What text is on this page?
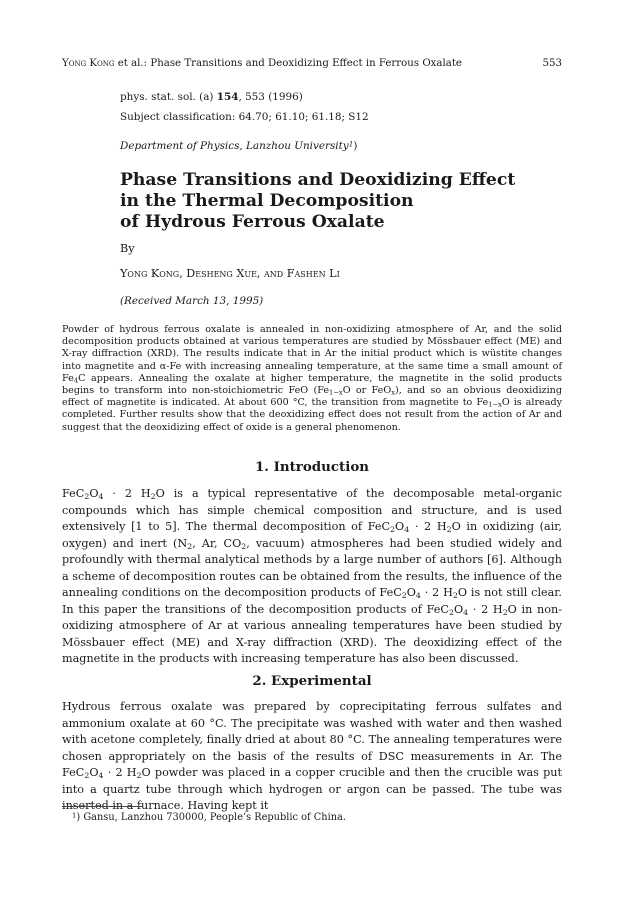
Yong Kong et al.: Phase Transitions and Deoxidizing Effect in Ferrous Oxalate	553
phys. stat. sol. (a) 154, 553 (1996)
Subject classification: 64.70; 61.10; 61.18; S12
Department of Physics, Lanzhou University$^1$)
Phase Transitions and Deoxidizing Effect
in the Thermal Decomposition
of Hydrous Ferrous Oxalate
By
Yong Kong, Desheng Xue, and Fashen Li
(Received March 13, 1995)
Powder of hydrous ferrous oxalate is annealed in non-oxidizing atmosphere of Ar, and the solid decomposition products obtained at various temperatures are studied by Mössbauer effect (ME) and X-ray diffraction (XRD). The results indicate that in Ar the initial product which is wüstite changes into magnetite and α-Fe with increasing annealing temperature, at the same time a small amount of $Fe_4C$ appears. Annealing the oxalate at higher temperature, the magnetite in the solid products begins to transform into non-stoichiometric FeO ($Fe_{1-x}O$ or FeO$_x$), and so an obvious deoxidizing effect of magnetite is indicated. At about 600 °C, the transition from magnetite to $Fe_{1-x}O$ is already completed. Further results show that the deoxidizing effect does not result from the action of Ar and suggest that the deoxidizing effect of oxide is a general phenomenon.
1. Introduction
$FeC_2O_4 \cdot 2$ $H_2O$ is a typical representative of the decomposable metal-organic compounds which has simple chemical composition and structure, and is used extensively [1 to 5]. The thermal decomposition of $FeC_2O_4 \cdot 2$ $H_2O$ in oxidizing (air, oxygen) and inert ($N_2$, Ar, $CO_2$, vacuum) atmospheres had been studied widely and profoundly with thermal analytical methods by a large number of authors [6]. Although a scheme of decomposition routes can be obtained from the results, the influence of the annealing conditions on the decomposition products of $FeC_2O_4 \cdot 2$ $H_2O$ is not still clear. In this paper the transitions of the decomposition products of $FeC_2O_4 \cdot 2$ $H_2O$ in non-oxidizing atmosphere of Ar at various annealing temperatures have been studied by Mössbauer effect (ME) and X-ray diffraction (XRD). The deoxidizing effect of the magnetite in the products with increasing temperature has also been discussed.
2. Experimental
Hydrous ferrous oxalate was prepared by coprecipitating ferrous sulfates and ammonium oxalate at 60 °C. The precipitate was washed with water and then washed with acetone completely, finally dried at about 80 °C. The annealing temperatures were chosen appropriately on the basis of the results of DSC measurements in Ar. The $FeC_2O_4 \cdot 2$ $H_2O$ powder was placed in a copper crucible and then the crucible was put into a quartz tube through which hydrogen or argon can be passed. The tube was inserted in a furnace. Having kept it
$^1$) Gansu, Lanzhou 730000, People’s Republic of China.
